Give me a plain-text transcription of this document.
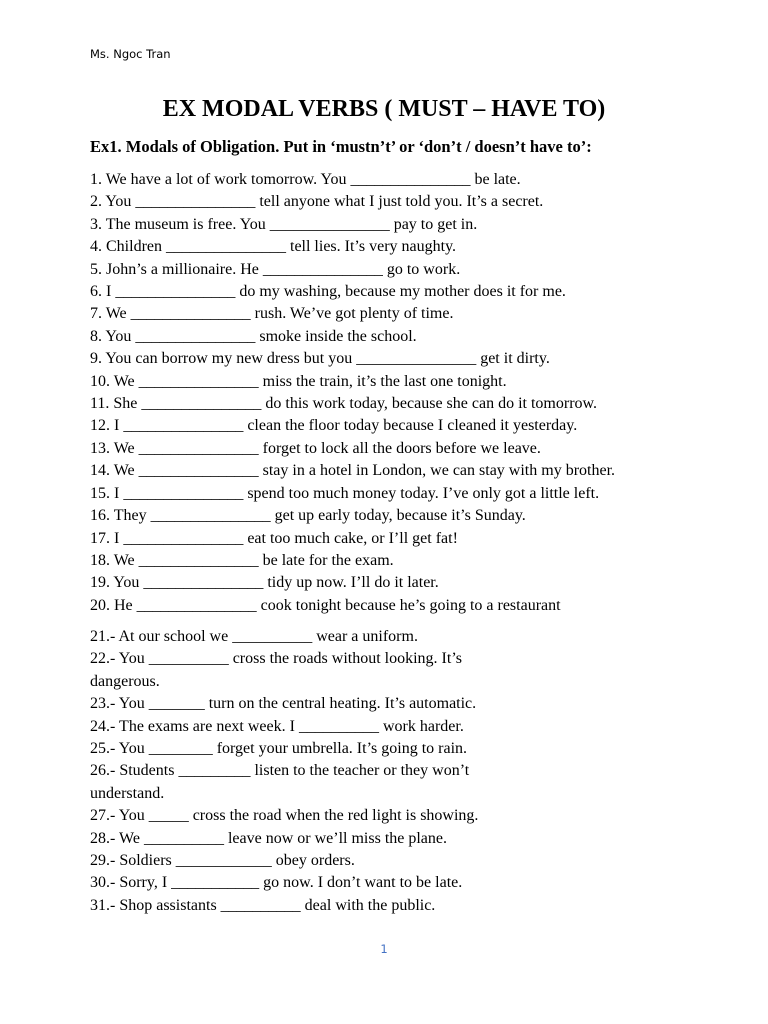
Ms. Ngoc Tran
EX MODAL VERBS ( MUST – HAVE TO)

Ex1. Modals of Obligation. Put in ‘mustn’t’ or ‘don’t / doesn’t have to’:

1. We have a lot of work tomorrow. You _______________ be late.
2. You _______________ tell anyone what I just told you. It’s a secret.
3. The museum is free. You _______________ pay to get in.
4. Children _______________ tell lies. It’s very naughty.
5. John’s a millionaire. He _______________ go to work.
6. I _______________ do my washing, because my mother does it for me.
7. We _______________ rush. We’ve got plenty of time.
8. You _______________ smoke inside the school.
9. You can borrow my new dress but you _______________ get it dirty.
10. We _______________ miss the train, it’s the last one tonight.
11. She _______________ do this work today, because she can do it tomorrow.
12. I _______________ clean the floor today because I cleaned it yesterday.
13. We _______________ forget to lock all the doors before we leave.
14. We _______________ stay in a hotel in London, we can stay with my brother.
15. I _______________ spend too much money today. I’ve only got a little left.
16. They _______________ get up early today, because it’s Sunday.
17. I _______________ eat too much cake, or I’ll get fat!
18. We _______________ be late for the exam.
19. You _______________ tidy up now. I’ll do it later.
20. He _______________ cook tonight because he’s going to a restaurant
21.- At our school we __________ wear a uniform.
22.- You __________ cross the roads without looking. It’s dangerous.
23.- You _______ turn on the central heating. It’s automatic.
24.- The exams are next week. I __________ work harder.
25.- You ________ forget your umbrella. It’s going to rain.
26.- Students _________ listen to the teacher or they won’t understand.
27.- You _____ cross the road when the red light is showing.
28.- We __________ leave now or we’ll miss the plane.
29.- Soldiers ____________ obey orders.
30.- Sorry, I ___________ go now. I don’t want to be late.
31.- Shop assistants __________ deal with the public.
1
